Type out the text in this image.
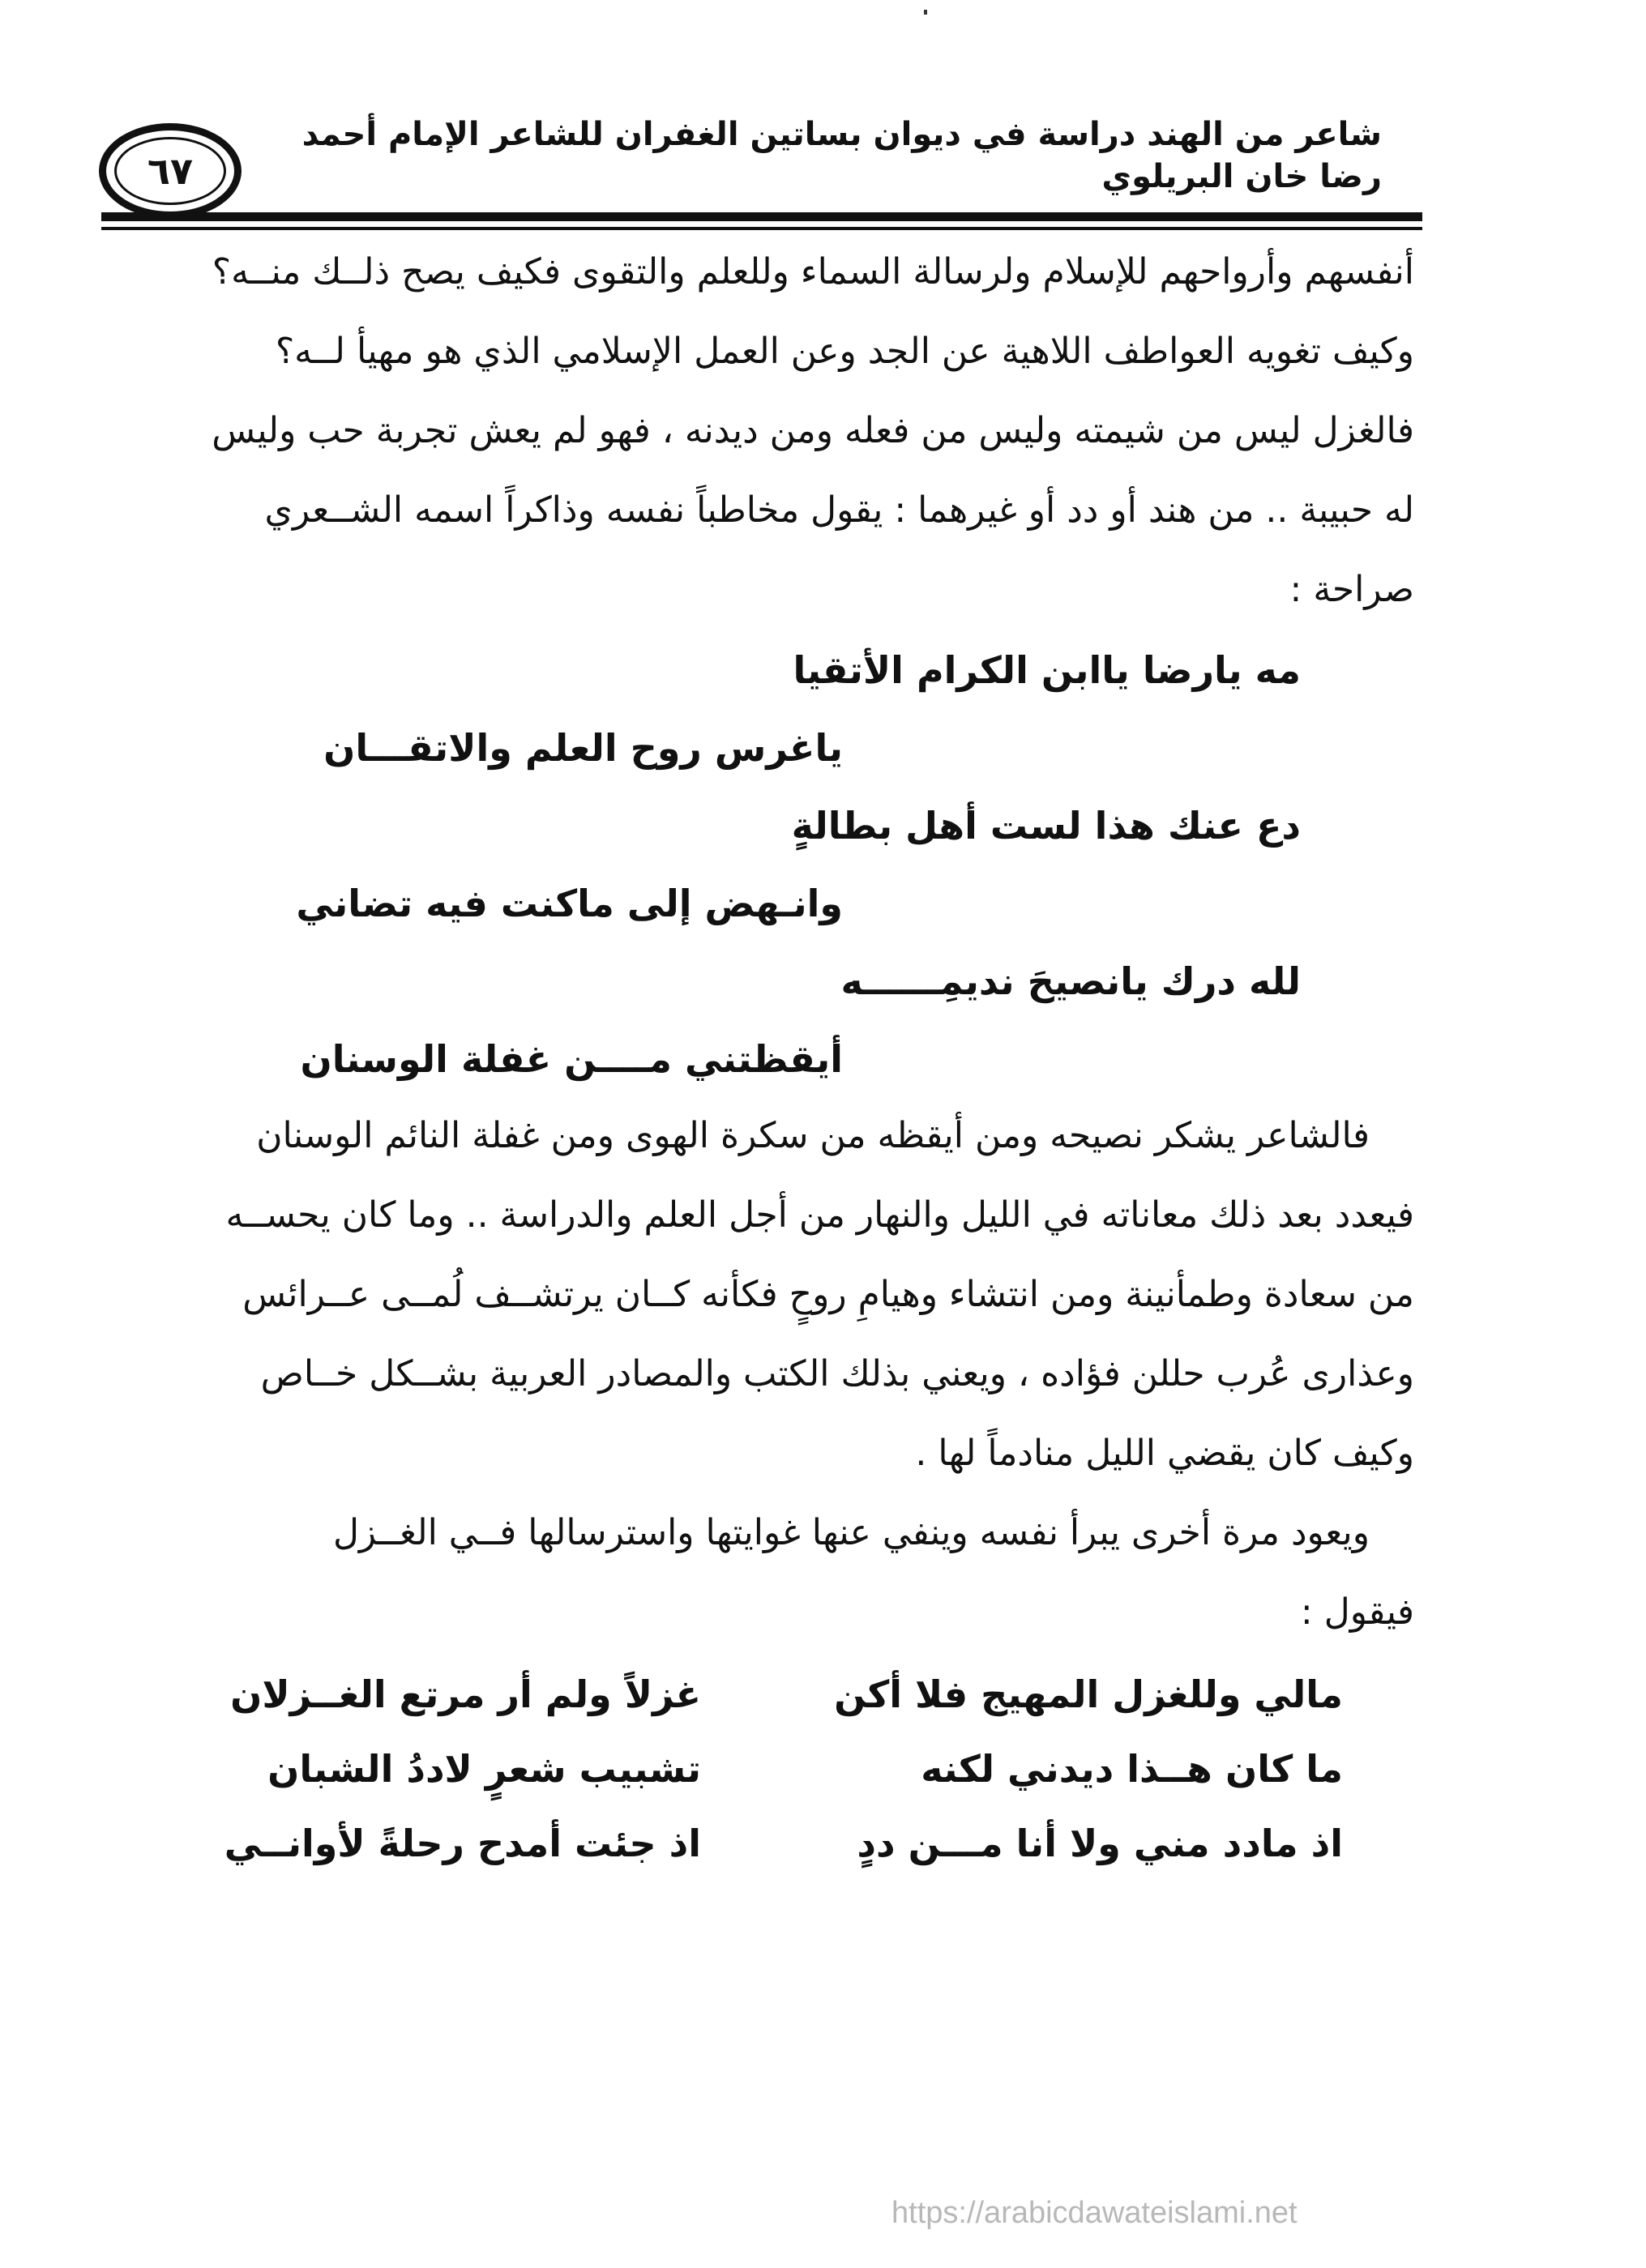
شاعر من الهند دراسة في ديوان بساتين الغفران للشاعر الإمام أحمد رضا خان البريلوي
٦٧
أنفسهم وأرواحهم للإسلام ولرسالة السماء وللعلم والتقوى فكيف يصح ذلــك منــه؟
وكيف تغويه العواطف اللاهية عن الجد وعن العمل الإسلامي الذي هو مهيأ لــه؟
فالغزل ليس من شيمته وليس من فعله ومن ديدنه ، فهو لم يعش تجربة حب وليس
له حبيبة .. من هند أو دد أو غيرهما : يقول مخاطباً نفسه وذاكراً اسمه الشــعري
صراحة :
مه يارضا ياابن الكرام الأتقيا
ياغرس روح العلم والاتقـــان
دع عنك هذا لست أهل بطالةٍ
وانـهض إلى ماكنت فيه تضاني
لله درك يانصيحَ نديمِــــــه
أيقظتني مــــن غفلة الوسنان
فالشاعر يشكر نصيحه ومن أيقظه من سكرة الهوى ومن غفلة النائم الوسنان
فيعدد بعد ذلك معاناته في الليل والنهار من أجل العلم والدراسة .. وما كان يحســه
من سعادة وطمأنينة ومن انتشاء وهيامِ روحٍ فكأنه كــان يرتشــف لُمــى عــرائس
وعذارى عُرب حللن فؤاده ، ويعني بذلك الكتب والمصادر العربية بشــكل خــاص
وكيف كان يقضي الليل منادماً لها .
ويعود مرة أخرى يبرأ نفسه وينفي عنها غوايتها واسترسالها فــي الغــزل
فيقول :
مالي وللغزل المهيج فلا أكن
غزلاً ولم أر مرتع الغــزلان
ما كان هــذا ديدني لكنه
تشبيب شعرٍ لاددُ الشبان
اذ مادد مني ولا أنا مـــن ددٍ
اذ جئت أمدح رحلةً لأوانــي
https://arabicdawateislami.net
